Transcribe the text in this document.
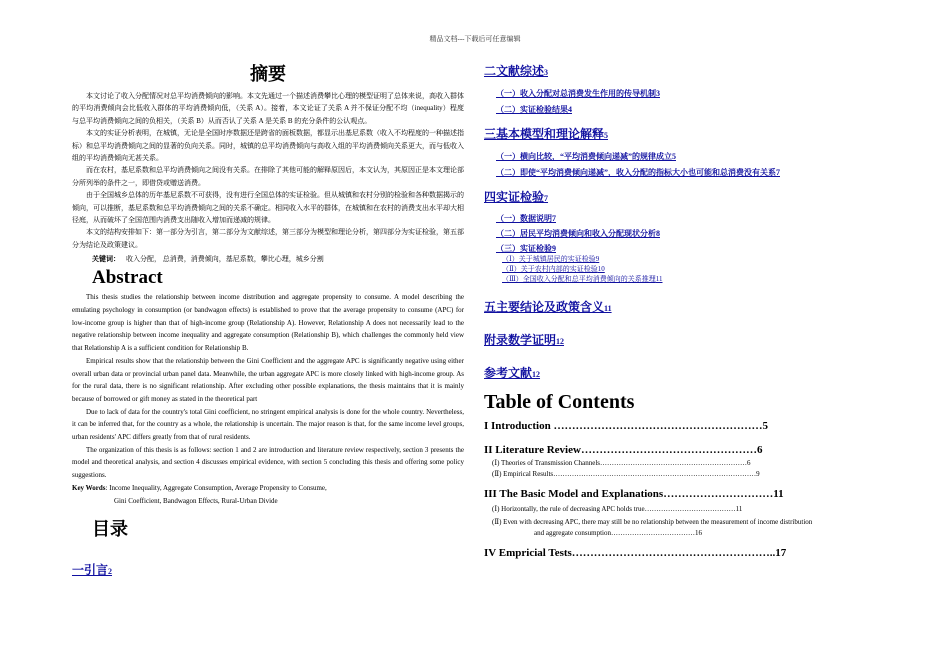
精品文档---下载后可任意编辑
摘要

本文讨论了收入分配情况对总平均消费倾向的影响。本文先通过一个描述消费攀比心理的模型证明了总体来说，高收入群体的平均消费倾向会比低收入群体的平均消费倾向低，（关系 A）。接着，本文论证了关系 A 并不保证分配不均（inequality）程度与总平均消费倾向之间的负相关，（关系 B）从而否认了关系 A 是关系 B 的充分条件的公认观点。

本文的实证分析表明，在城镇，无论是全国时序数据还是跨省的面板数据，都显示出基尼系数（收入不均程度的一种描述指标）和总平均消费倾向之间的显著的负向关系。同时，城镇的总平均消费倾向与高收入组的平均消费倾向关系更大，而与低收入组的平均消费倾向无甚关系。

而在农村，基尼系数和总平均消费倾向之间没有关系。在排除了其他可能的解释原因后，本文认为，其原因正是本文理论部分所列举的条件之一，即借贷或赠送消费。

由于全国城乡总体的历年基尼系数不可获得，没有进行全国总体的实证检验。但从城镇和农村分别的检验和各种数据揭示的倾向，可以推断，基尼系数和总平均消费倾向之间的关系不确定。相同收入水平的群体，在城镇和在农村的消费支出水平却大相径庭，从而破坏了全国范围内消费支出随收入增加而递减的规律。

本文的结构安排如下：第一部分为引言，第二部分为文献综述，第三部分为模型和理论分析，第四部分为实证检验，第五部分为结论及政策建议。

关键词： 收入分配， 总消费，消费倾向，基尼系数，攀比心理，城乡分割

Abstract

This thesis studies the relationship between income distribution and aggregate propensity to consume. A model describing the emulating psychology in consumption (or bandwagon effects) is established to prove that the average propensity to consume (APC) for low-income group is higher than that of high-income group (Relationship A). However, Relationship A does not necessarily lead to the negative relationship between income inequality and aggregate consumption (Relationship B), which challenges the commonly held view that Relationship A is a sufficient condition for Relationship B.

Empirical results show that the relationship between the Gini Coefficient and the aggregate APC is significantly negative using either overall urban data or provincial urban panel data. Meanwhile, the urban aggregate APC is more closely linked with high-income group. As for the rural data, there is no significant relationship. After excluding other possible explanations, the thesis maintains that it is mainly because of borrowed or gift money as stated in the theoretical part

Due to lack of data for the country's total Gini coefficient, no stringent empirical analysis is done for the whole country. Nevertheless, it can be inferred that, for the country as a whole, the relationship is uncertain. The major reason is that, for the same income level groups, urban residents' APC differs greatly from that of rural residents.

The organization of this thesis is as follows: section 1 and 2 are introduction and literature review respectively, section 3 presents the model and theoretical analysis, and section 4 discusses empirical evidence, with section 5 concluding this thesis and offering some policy suggestions.

Key Words: Income Inequality, Aggregate Consumption, Average Propensity to Consume,
Gini Coefficient, Bandwagon Effects, Rural-Urban Divide

目录

一引言2

二文献综述3

（一）收入分配对总消费发生作用的传导机制3

（二）实证检验结果4

三基本模型和理论解释5

（一）横向比较，“平均消费倾向递减”的规律成立5

（二）即使“平均消费倾向递减”，收入分配的指标大小也可能和总消费没有关系7

四实证检验7

（一）数据说明7

（二）居民平均消费倾向和收入分配现状分析8

（三）实证检验9

（Ⅰ）关于城镇居民的实证检验9

（Ⅱ）关于农村内部的实证检验10

（Ⅲ）全国收入分配和总平均消费倾向的关系推理11

五主要结论及政策含义11

附录数学证明12

参考文献12

Table of Contents

I Introduction …………………………………………………5

II Literature Review…………………………………………6

(Ⅰ) Theories of Transmission Channels………………………………………………………6

(Ⅱ) Empirical Results……………………………………………………………………………9

III The Basic Model and Explanations…………………………11

(Ⅰ) Horizontally, the rule of decreasing APC holds true…………………………………11

(Ⅱ) Even with decreasing APC, there may still be no relationship between the measurement of income distribution
and aggregate consumption………………………………16

IV Empricial Tests………………………………………………..17
